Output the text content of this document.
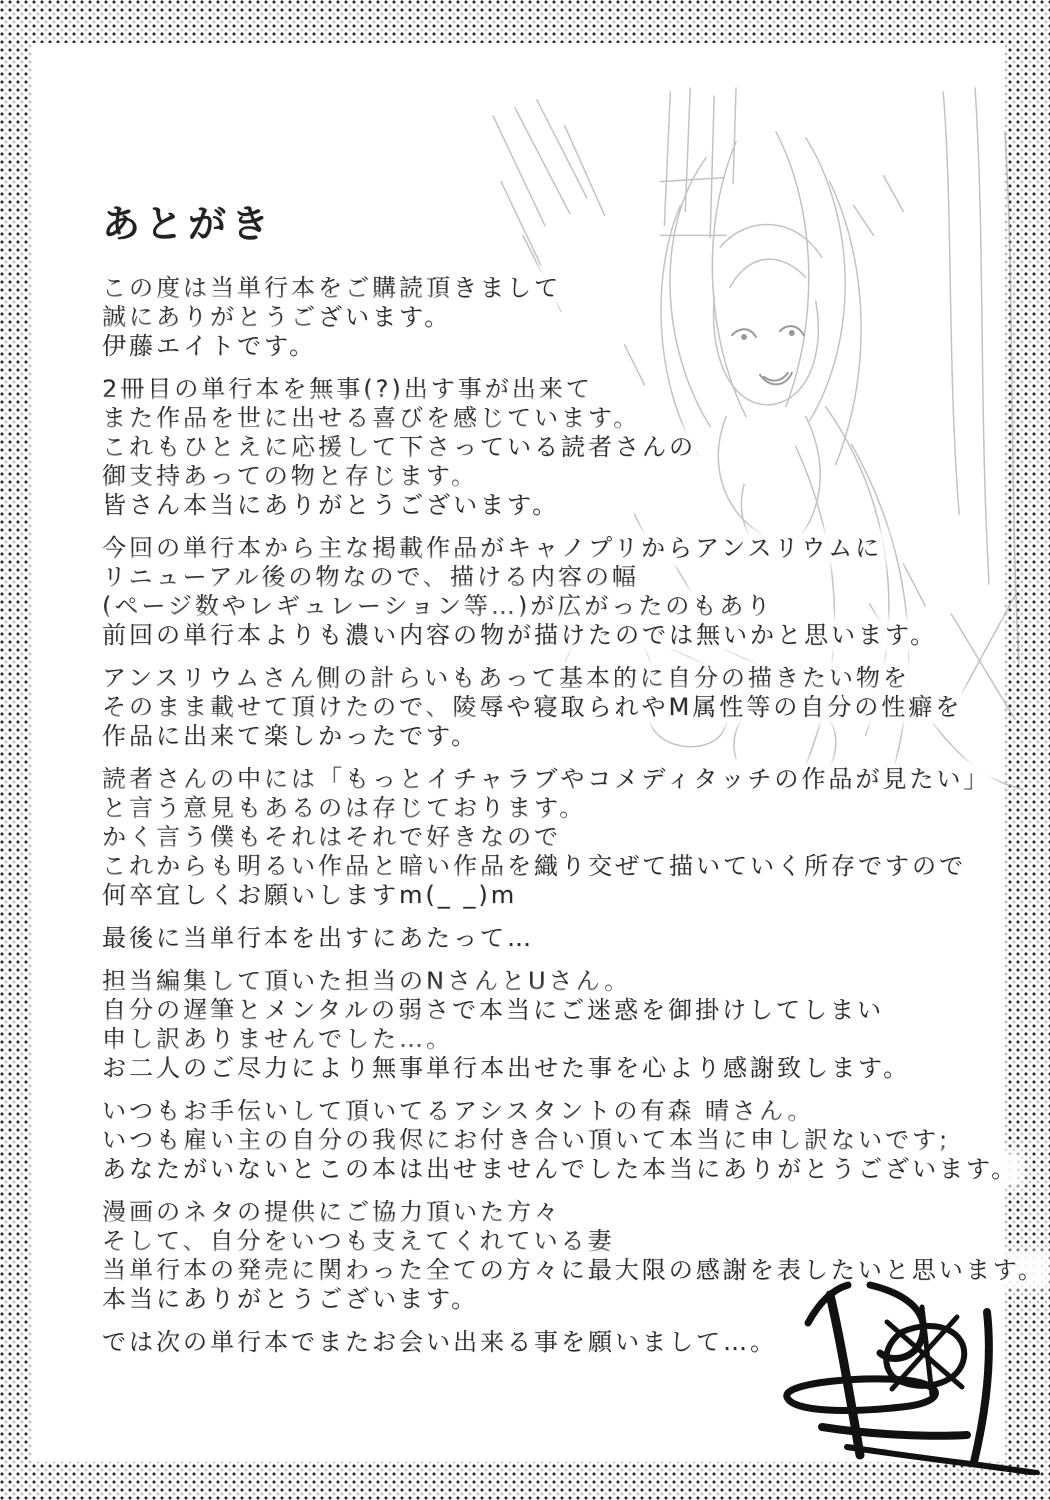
あとがき
この度は当単行本をご購読頂きまして
誠にありがとうございます。
伊藤エイトです。
2冊目の単行本を無事(?)出す事が出来て
また作品を世に出せる喜びを感じています。
これもひとえに応援して下さっている読者さんの
御支持あっての物と存じます。
皆さん本当にありがとうございます。
今回の単行本から主な掲載作品がキャノプリからアンスリウムに
リニューアル後の物なので、描ける内容の幅
(ページ数やレギュレーション等…)が広がったのもあり
前回の単行本よりも濃い内容の物が描けたのでは無いかと思います。
アンスリウムさん側の計らいもあって基本的に自分の描きたい物を
そのまま載せて頂けたので、陵辱や寝取られやM属性等の自分の性癖を
作品に出来て楽しかったです。
読者さんの中には「もっとイチャラブやコメディタッチの作品が見たい」
と言う意見もあるのは存じております。
かく言う僕もそれはそれで好きなので
これからも明るい作品と暗い作品を織り交ぜて描いていく所存ですので
何卒宜しくお願いしますm(_ _)m
最後に当単行本を出すにあたって…
担当編集して頂いた担当のNさんとUさん。
自分の遅筆とメンタルの弱さで本当にご迷惑を御掛けしてしまい
申し訳ありませんでした…。
お二人のご尽力により無事単行本出せた事を心より感謝致します。
いつもお手伝いして頂いてるアシスタントの有森 晴さん。
いつも雇い主の自分の我侭にお付き合い頂いて本当に申し訳ないです;
あなたがいないとこの本は出せませんでした本当にありがとうございます。
漫画のネタの提供にご協力頂いた方々
そして、自分をいつも支えてくれている妻
当単行本の発売に関わった全ての方々に最大限の感謝を表したいと思います。
本当にありがとうございます。
では次の単行本でまたお会い出来る事を願いまして…。
